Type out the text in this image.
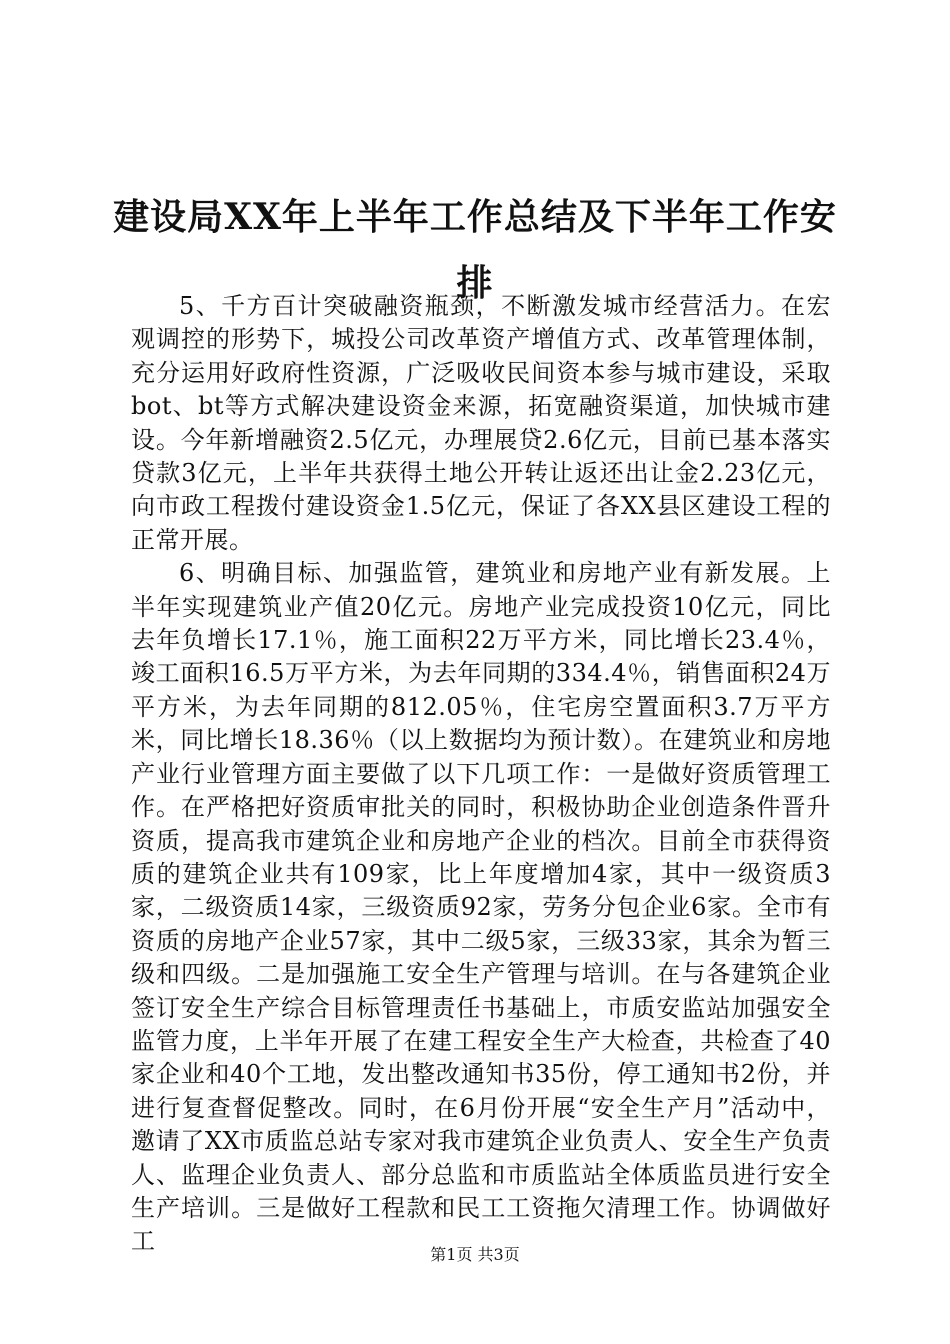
建设局XX年上半年工作总结及下半年工作安排

5、千方百计突破融资瓶颈，不断激发城市经营活力。在宏观调控的形势下，城投公司改革资产增值方式、改革管理体制，充分运用好政府性资源，广泛吸收民间资本参与城市建设，采取bot、bt等方式解决建设资金来源，拓宽融资渠道，加快城市建设。今年新增融资2.5亿元，办理展贷2.6亿元，目前已基本落实贷款3亿元，上半年共获得土地公开转让返还出让金2.23亿元，向市政工程拨付建设资金1.5亿元，保证了各XX县区建设工程的正常开展。

6、明确目标、加强监管，建筑业和房地产业有新发展。上半年实现建筑业产值20亿元。房地产业完成投资10亿元，同比去年负增长17.1％，施工面积22万平方米，同比增长23.4％，竣工面积16.5万平方米，为去年同期的334.4％，销售面积24万平方米，为去年同期的812.05％，住宅房空置面积3.7万平方米，同比增长18.36％（以上数据均为预计数）。在建筑业和房地产业行业管理方面主要做了以下几项工作：一是做好资质管理工作。在严格把好资质审批关的同时，积极协助企业创造条件晋升资质，提高我市建筑企业和房地产企业的档次。目前全市获得资质的建筑企业共有109家，比上年度增加4家，其中一级资质3家，二级资质14家，三级资质92家，劳务分包企业6家。全市有资质的房地产企业57家，其中二级5家，三级33家，其余为暂三级和四级。二是加强施工安全生产管理与培训。在与各建筑企业签订安全生产综合目标管理责任书基础上，市质安监站加强安全监管力度，上半年开展了在建工程安全生产大检查，共检查了40家企业和40个工地，发出整改通知书35份，停工通知书2份，并进行复查督促整改。同时，在6月份开展“安全生产月”活动中，邀请了XX市质监总站专家对我市建筑企业负责人、安全生产负责人、监理企业负责人、部分总监和市质监站全体质监员进行安全生产培训。三是做好工程款和民工工资拖欠清理工作。协调做好工	第1页 共3页
